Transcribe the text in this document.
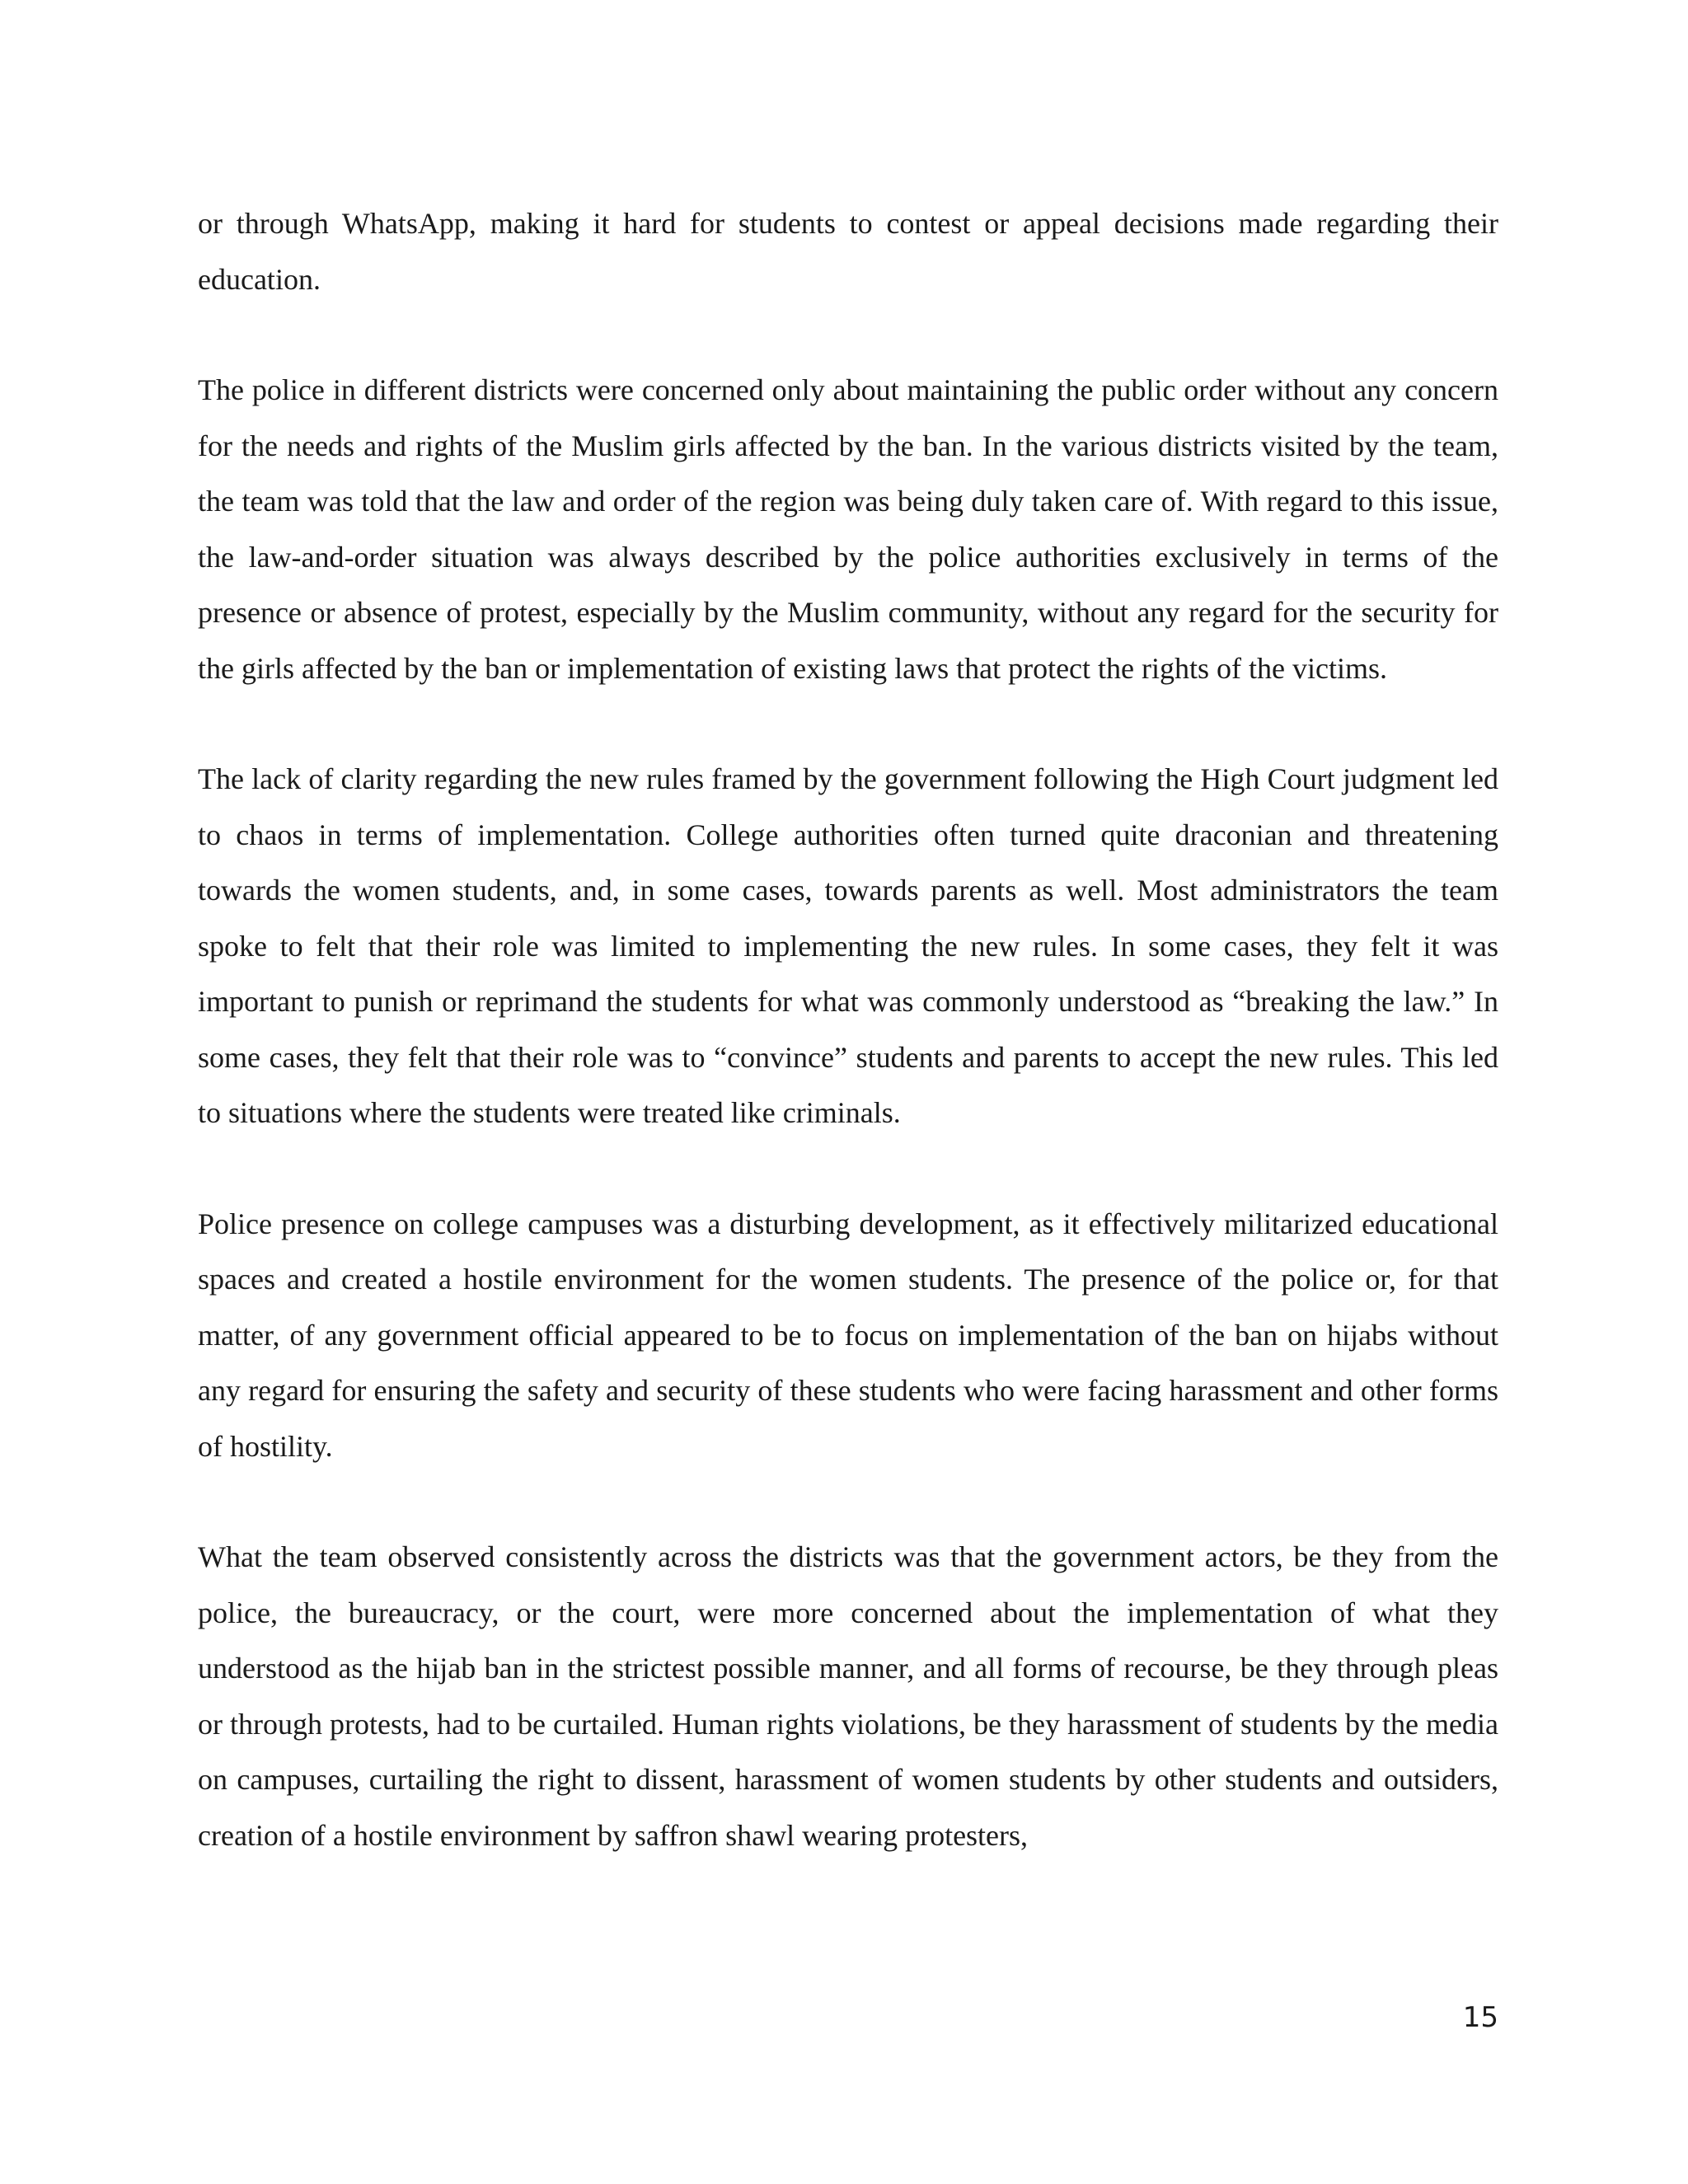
or through WhatsApp, making it hard for students to contest or appeal decisions made regarding their education.

The police in different districts were concerned only about maintaining the public order without any concern for the needs and rights of the Muslim girls affected by the ban. In the various districts visited by the team, the team was told that the law and order of the region was being duly taken care of. With regard to this issue, the law-and-order situation was always described by the police authorities exclusively in terms of the presence or absence of protest, especially by the Muslim community, without any regard for the security for the girls affected by the ban or implementation of existing laws that protect the rights of the victims.

The lack of clarity regarding the new rules framed by the government following the High Court judgment led to chaos in terms of implementation. College authorities often turned quite draconian and threatening towards the women students, and, in some cases, towards parents as well. Most administrators the team spoke to felt that their role was limited to implementing the new rules. In some cases, they felt it was important to punish or reprimand the students for what was commonly understood as “breaking the law.” In some cases, they felt that their role was to “convince” students and parents to accept the new rules. This led to situations where the students were treated like criminals.

Police presence on college campuses was a disturbing development, as it effectively militarized educational spaces and created a hostile environment for the women students. The presence of the police or, for that matter, of any government official appeared to be to focus on implementation of the ban on hijabs without any regard for ensuring the safety and security of these students who were facing harassment and other forms of hostility.

What the team observed consistently across the districts was that the government actors, be they from the police, the bureaucracy, or the court, were more concerned about the implementation of what they understood as the hijab ban in the strictest possible manner, and all forms of recourse, be they through pleas or through protests, had to be curtailed. Human rights violations, be they harassment of students by the media on campuses, curtailing the right to dissent, harassment of women students by other students and outsiders, creation of a hostile environment by saffron shawl wearing protesters,

15
